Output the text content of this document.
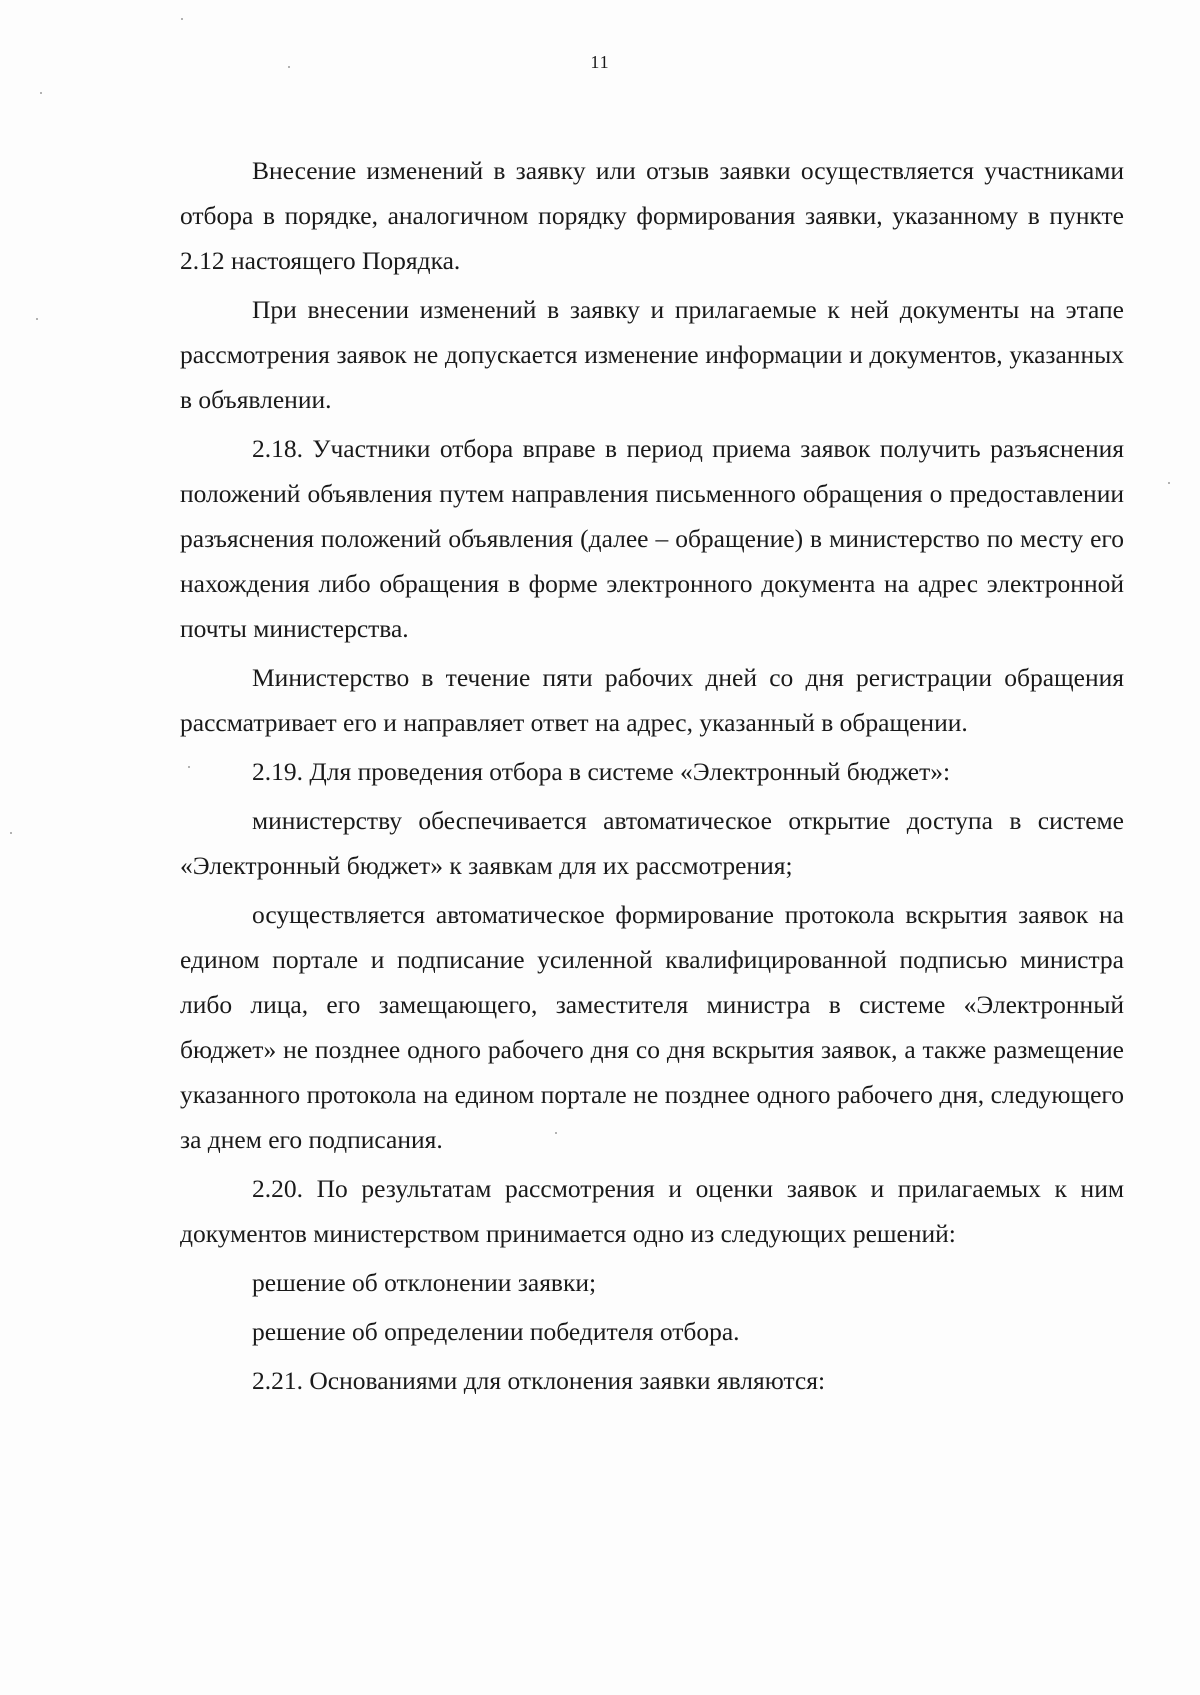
11

Внесение изменений в заявку или отзыв заявки осуществляется участниками отбора в порядке, аналогичном порядку формирования заявки, указанному в пункте 2.12 настоящего Порядка.

При внесении изменений в заявку и прилагаемые к ней документы на этапе рассмотрения заявок не допускается изменение информации и документов, указанных в объявлении.

2.18. Участники отбора вправе в период приема заявок получить разъяснения положений объявления путем направления письменного обращения о предоставлении разъяснения положений объявления (далее – обращение) в министерство по месту его нахождения либо обращения в форме электронного документа на адрес электронной почты министерства.

Министерство в течение пяти рабочих дней со дня регистрации обращения рассматривает его и направляет ответ на адрес, указанный в обращении.

2.19. Для проведения отбора в системе «Электронный бюджет»:

министерству обеспечивается автоматическое открытие доступа в системе «Электронный бюджет» к заявкам для их рассмотрения;

осуществляется автоматическое формирование протокола вскрытия заявок на едином портале и подписание усиленной квалифицированной подписью министра либо лица, его замещающего, заместителя министра в системе «Электронный бюджет» не позднее одного рабочего дня со дня вскрытия заявок, а также размещение указанного протокола на едином портале не позднее одного рабочего дня, следующего за днем его подписания.

2.20. По результатам рассмотрения и оценки заявок и прилагаемых к ним документов министерством принимается одно из следующих решений:

решение об отклонении заявки;

решение об определении победителя отбора.

2.21. Основаниями для отклонения заявки являются:
